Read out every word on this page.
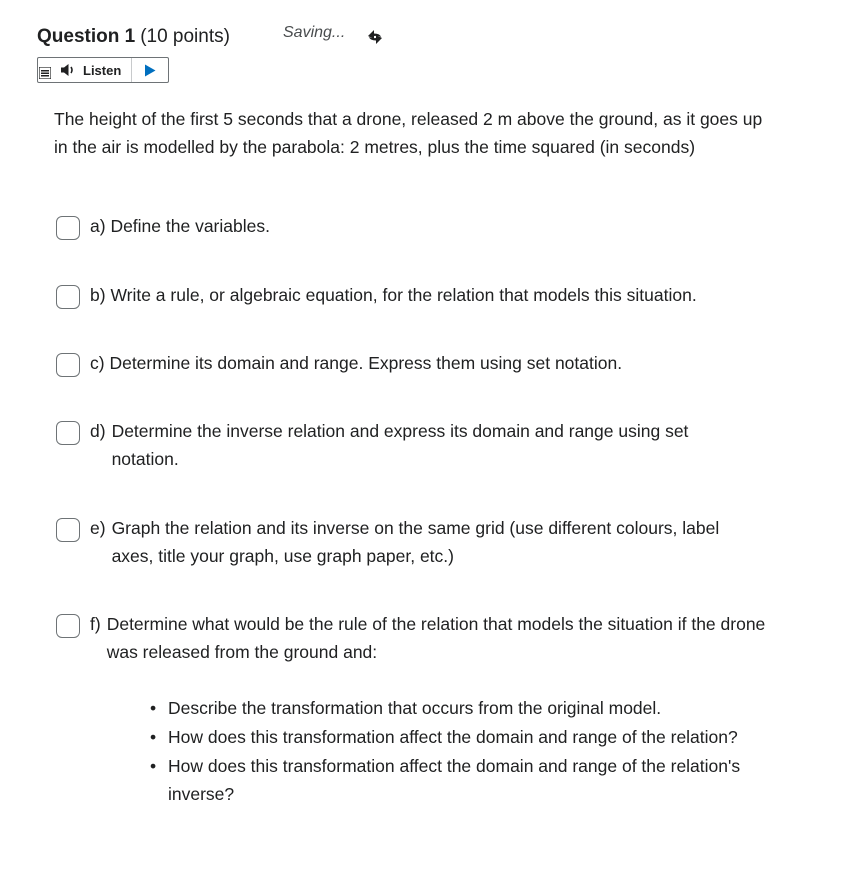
Question 1 (10 points)	Saving...
Listen
The height of the first 5 seconds that a drone, released 2 m above the ground, as it goes up in the air is modelled by the parabola: 2 metres, plus the time squared (in seconds)
a) Define the variables.
b) Write a rule, or algebraic equation, for the relation that models this situation.
c) Determine its domain and range. Express them using set notation.
d) Determine the inverse relation and express its domain and range using set notation.
e) Graph the relation and its inverse on the same grid (use different colours, label axes, title your graph, use graph paper, etc.)
f) Determine what would be the rule of the relation that models the situation if the drone was released from the ground and:
• Describe the transformation that occurs from the original model.
• How does this transformation affect the domain and range of the relation?
• How does this transformation affect the domain and range of the relation's inverse?
